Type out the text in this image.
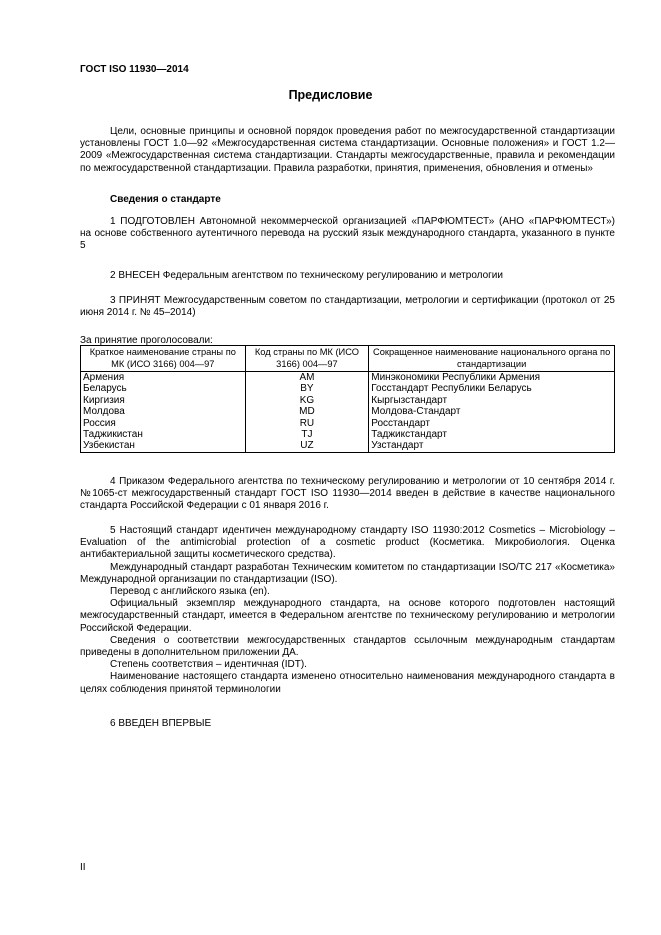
ГОСТ ISO 11930—2014
Предисловие

Цели, основные принципы и основной порядок проведения работ по межгосударственной стандартизации установлены ГОСТ 1.0—92 «Межгосударственная система стандартизации. Основные положения» и ГОСТ 1.2—2009 «Межгосударственная система стандартизации. Стандарты межгосударственные, правила и рекомендации по межгосударственной стандартизации. Правила разработки, принятия, применения, обновления и отмены»

Сведения о стандарте

1 ПОДГОТОВЛЕН Автономной некоммерческой организацией «ПАРФЮМТЕСТ» (АНО «ПАРФЮМТЕСТ») на основе собственного аутентичного перевода на русский язык международного стандарта, указанного в пункте 5

2 ВНЕСЕН Федеральным агентством по техническому регулированию и метрологии

3 ПРИНЯТ Межгосударственным советом по стандартизации, метрологии и сертификации (протокол от 25 июня 2014 г. № 45–2014)

За принятие проголосовали:
Краткое наименование страны по МК (ИСО 3166) 004—97	Код страны по МК (ИСО 3166) 004—97	Сокращенное наименование национального органа по стандартизации
Армения	AM	Минэкономики Республики Армения
Беларусь	BY	Госстандарт Республики Беларусь
Киргизия	KG	Кыргызстандарт
Молдова	MD	Молдова-Стандарт
Россия	RU	Росстандарт
Таджикистан	TJ	Таджикстандарт
Узбекистан	UZ	Узстандарт

4 Приказом Федерального агентства по техническому регулированию и метрологии от 10 сентября 2014 г. №1065-ст межгосударственный стандарт ГОСТ ISO 11930—2014 введен в действие в качестве национального стандарта Российской Федерации с 01 января 2016 г.

5 Настоящий стандарт идентичен международному стандарту ISO 11930:2012 Cosmetics – Microbiology – Evaluation of the antimicrobial protection of a cosmetic product (Косметика. Микробиология. Оценка антибактериальной защиты косметического средства).

Международный стандарт разработан Техническим комитетом по стандартизации ISO/TC 217 «Косметика» Международной организации по стандартизации (ISO).

Перевод с английского языка (en).

Официальный экземпляр международного стандарта, на основе которого подготовлен настоящий межгосударственный стандарт, имеется в Федеральном агентстве по техническому регулированию и метрологии Российской Федерации.

Сведения о соответствии межгосударственных стандартов ссылочным международным стандартам приведены в дополнительном приложении ДА.

Степень соответствия – идентичная (IDT).

Наименование настоящего стандарта изменено относительно наименования международного стандарта в целях соблюдения принятой терминологии

6 ВВЕДЕН ВПЕРВЫЕ

II
